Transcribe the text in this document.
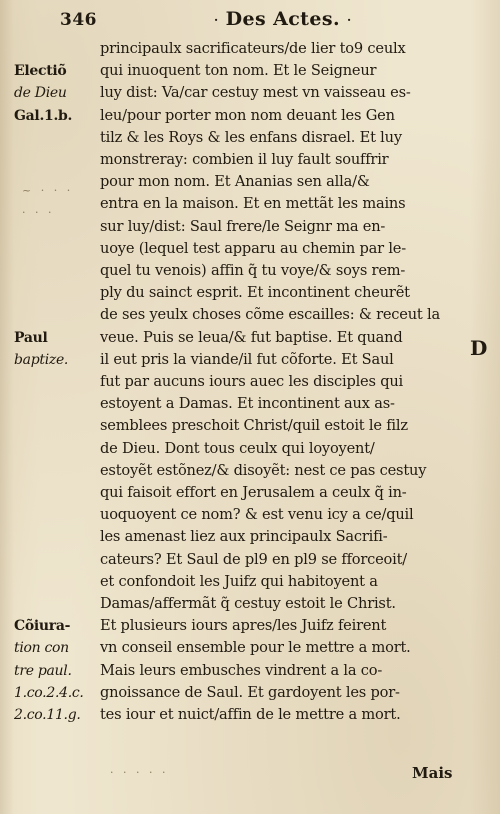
346	· Des Actes. ·
Electiõ
de Dieu
Gal.1.b.
Paul
baptize.
Cõiura-
tion con
tre paul.
1.co.2.4.c.
2.co.11.g.
principaulx sacrificateurs/de lier to9 ceulx
qui inuoquent ton nom. Et le Seigneur
luy dist: Va/car cestuy mest vn vaisseau es-
leu/pour porter mon nom deuant les Gen
tilz & les Roys & les enfans disrael. Et luy
monstreray: combien il luy fault souffrir
pour mon nom. Et Ananias sen alla/&
entra en la maison. Et en mettãt les mains
sur luy/dist: Saul frere/le Seignr ma en-
uoye (lequel test apparu au chemin par le-
quel tu venois) affin q̃ tu voye/& soys rem-
ply du sainct esprit. Et incontinent cheurẽt
de ses yeulx choses cõme escailles: & receut la
veue. Puis se leua/& fut baptise. Et quand
il eut pris la viande/il fut cõforte. Et Saul
fut par aucuns iours auec les disciples qui
estoyent a Damas. Et incontinent aux as-
semblees preschoit Christ/quil estoit le filz
de Dieu. Dont tous ceulx qui loyoyent/
estoyẽt estõnez/& disoyẽt: nest ce pas cestuy
qui faisoit effort en Jerusalem a ceulx q̃ in-
uoquoyent ce nom? & est venu icy a ce/quil
les amenast liez aux principaulx Sacrifi-
cateurs? Et Saul de pl9 en pl9 se fforceoit/
et confondoit les Juifz qui habitoyent a
Damas/affermãt q̃ cestuy estoit le Christ.
Et plusieurs iours apres/les Juifz feirent
vn conseil ensemble pour le mettre a mort.
Mais leurs embusches vindrent a la co-
gnoissance de Saul. Et gardoyent les por-
tes iour et nuict/affin de le mettre a mort.
~ · · ·
· · ·
· · · · ·
D
Mais
